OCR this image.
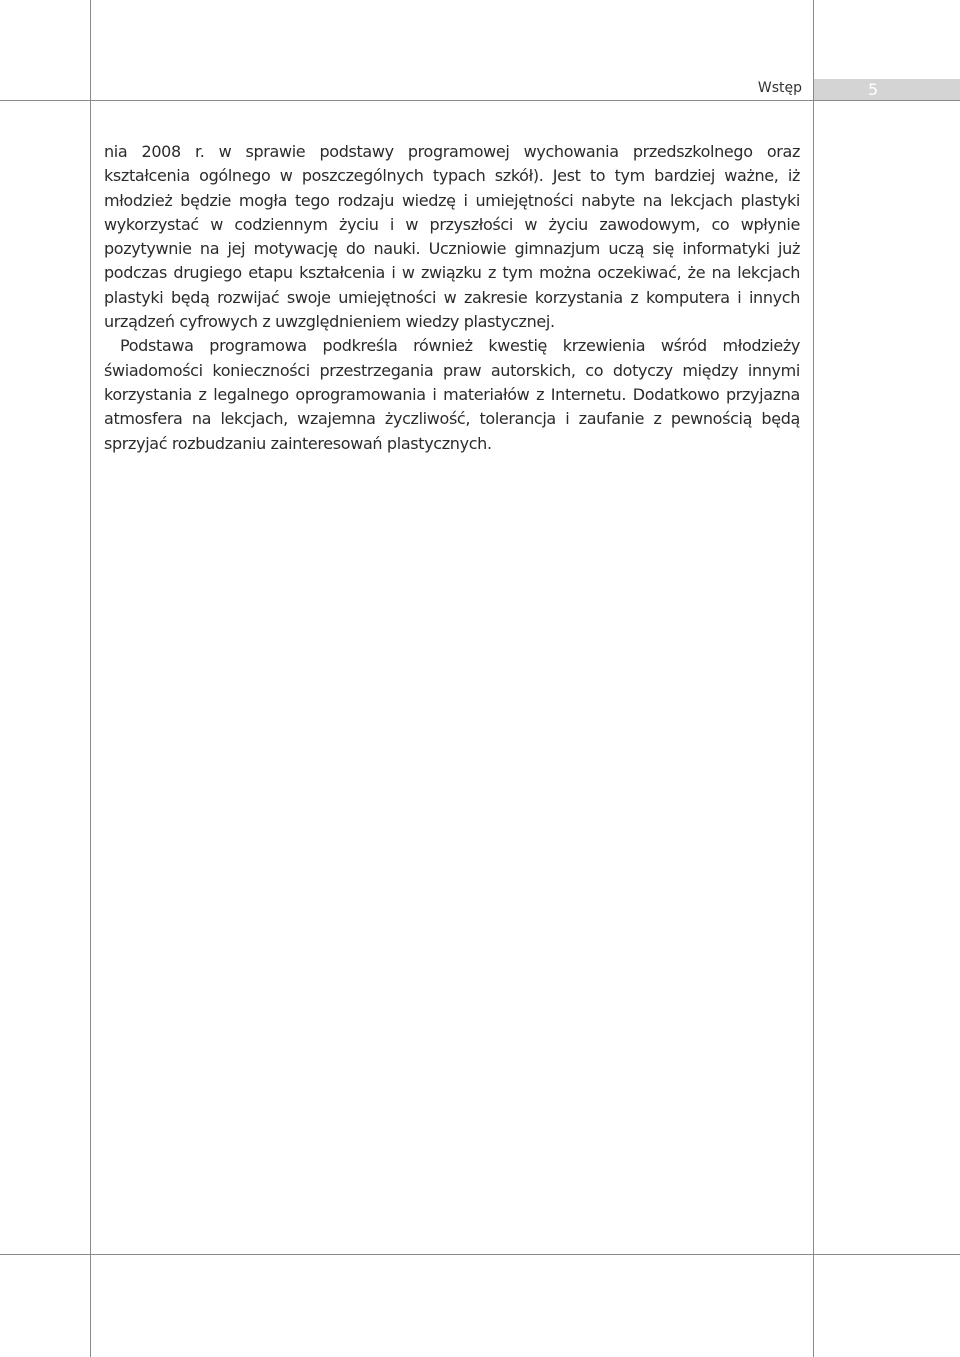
Wstęp	5

nia 2008 r. w sprawie podstawy programowej wychowania przedszkolnego oraz kształcenia ogólnego w poszczególnych typach szkół). Jest to tym bardziej ważne, iż młodzież będzie mogła tego rodzaju wiedzę i umiejętności nabyte na lekcjach plastyki wykorzystać w codziennym życiu i w przyszłości w życiu zawodowym, co wpłynie pozytywnie na jej motywację do nauki. Uczniowie gimnazjum uczą się informatyki już podczas drugiego etapu kształcenia i w związku z tym można oczekiwać, że na lekcjach plastyki będą rozwijać swoje umiejętności w zakresie korzystania z komputera i innych urządzeń cyfrowych z uwzględnieniem wiedzy plastycznej.

Podstawa programowa podkreśla również kwestię krzewienia wśród młodzieży świadomości konieczności przestrzegania praw autorskich, co dotyczy między innymi korzystania z legalnego oprogramowania i materiałów z Internetu. Dodatkowo przyjazna atmosfera na lekcjach, wzajemna życzliwość, tolerancja i zaufanie z pewnością będą sprzyjać rozbudzaniu zainteresowań plastycznych.
